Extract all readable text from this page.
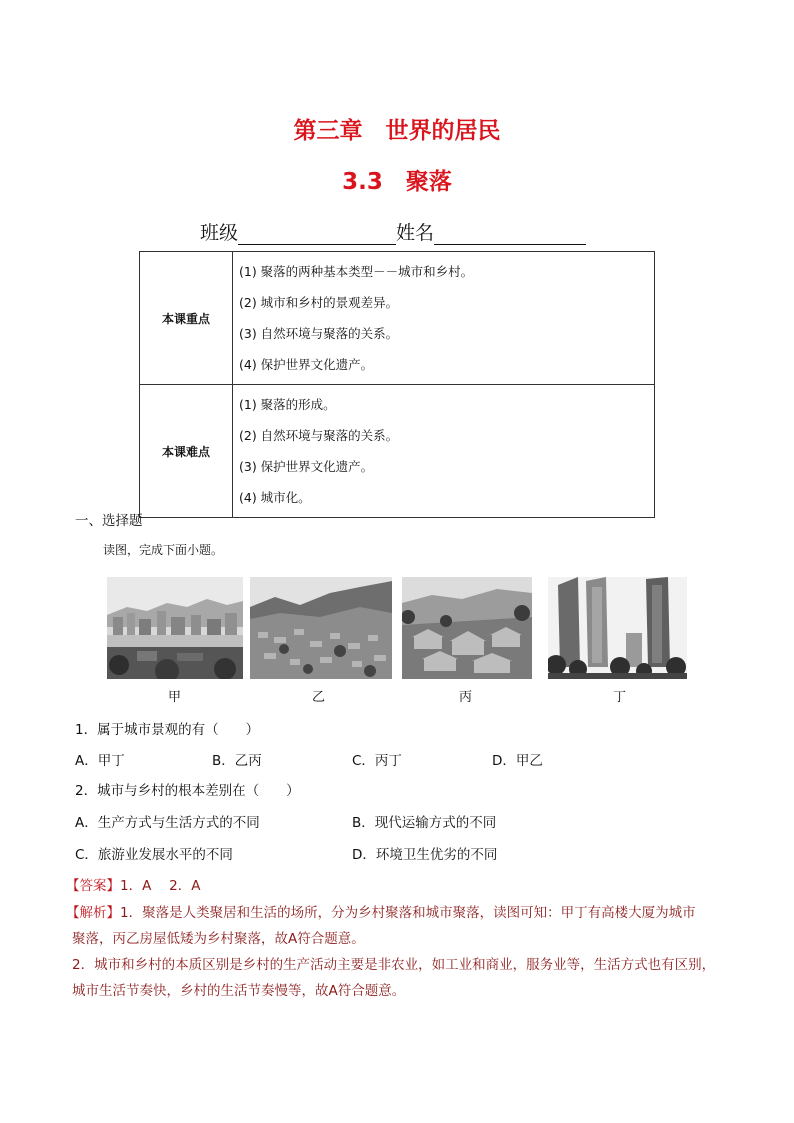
第三章　世界的居民
3.3　聚落
班级	姓名
本课重点	(1) 聚落的两种基本类型－－城市和乡村。
(2) 城市和乡村的景观差异。
(3) 自然环境与聚落的关系。
(4) 保护世界文化遗产。

本课难点	(1) 聚落的形成。
(2) 自然环境与聚落的关系。
(3) 保护世界文化遗产。
(4) 城市化。
一、选择题
读图，完成下面小题。
甲	乙	丙	丁
1．属于城市景观的有（　　）
A．甲丁	B．乙丙	C．丙丁	D．甲乙
2．城市与乡村的根本差别在（　　）
A．生产方式与生活方式的不同	B．现代运输方式的不同
C．旅游业发展水平的不同	D．环境卫生优劣的不同
【答案】1．A　 2．A
【解析】1．聚落是人类聚居和生活的场所，分为乡村聚落和城市聚落，读图可知：甲丁有高楼大厦为城市
聚落，丙乙房屋低矮为乡村聚落，故A符合题意。
2．城市和乡村的本质区别是乡村的生产活动主要是非农业，如工业和商业，服务业等，生活方式也有区别，
城市生活节奏快，乡村的生活节奏慢等，故A符合题意。
